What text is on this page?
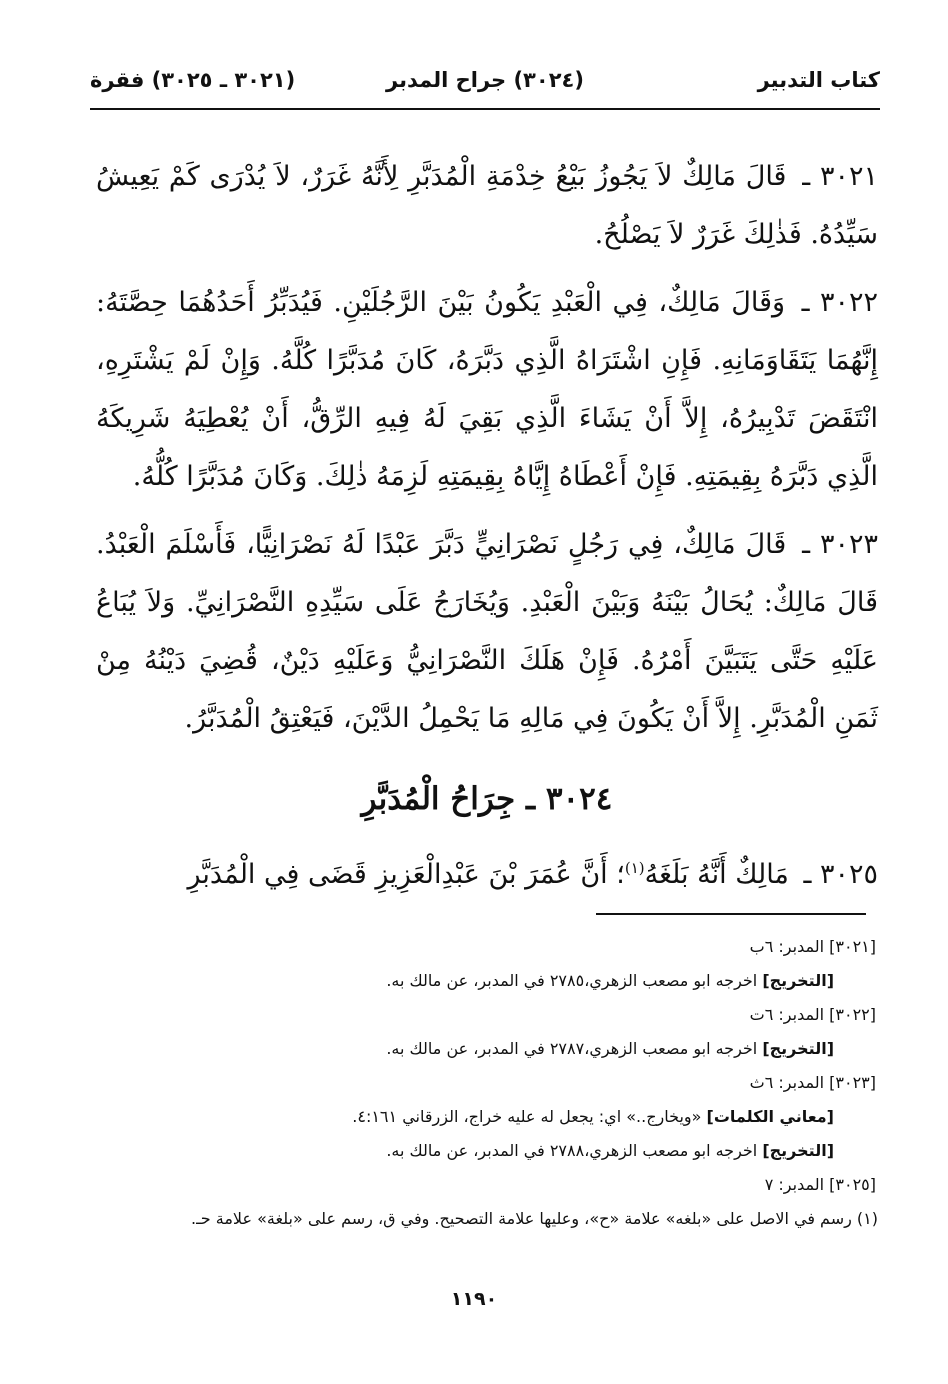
كتاب التدبير
(٣٠٢٤) جراح المدبر
(٣٠٢١ ـ ٣٠٢٥) فقرة

٣٠٢١ ـ قَالَ مَالِكٌ لاَ يَجُوزُ بَيْعُ خِدْمَةِ الْمُدَبَّرِ لِأَنَّهُ غَرَرٌ، لاَ يُدْرَى كَمْ يَعِيشُ سَيِّدُهُ. فَذٰلِكَ غَرَرٌ لاَ يَصْلُحُ.

٣٠٢٢ ـ وَقَالَ مَالِكٌ، فِي الْعَبْدِ يَكُونُ بَيْنَ الرَّجُلَيْنِ. فَيُدَبِّرُ أَحَدُهُمَا حِصَّتَهُ: إِنَّهُمَا يَتَقَاوَمَانِهِ. فَإِنِ اشْتَرَاهُ الَّذِي دَبَّرَهُ، كَانَ مُدَبَّرًا كُلَّهُ. وَإِنْ لَمْ يَشْتَرِهِ، انْتَقَضَ تَدْبِيرُهُ، إِلاَّ أَنْ يَشَاءَ الَّذِي بَقِيَ لَهُ فِيهِ الرِّقُّ، أَنْ يُعْطِيَهُ شَرِيكَهُ الَّذِي دَبَّرَهُ بِقِيمَتِهِ. فَإِنْ أَعْطَاهُ إِيَّاهُ بِقِيمَتِهِ لَزِمَهُ ذٰلِكَ. وَكَانَ مُدَبَّرًا كُلُّهُ.

٣٠٢٣ ـ قَالَ مَالِكٌ، فِي رَجُلٍ نَصْرَانِيٍّ دَبَّرَ عَبْدًا لَهُ نَصْرَانِيًّا، فَأَسْلَمَ الْعَبْدُ. قَالَ مَالِكٌ: يُحَالُ بَيْنَهُ وَبَيْنَ الْعَبْدِ. وَيُخَارَجُ عَلَى سَيِّدِهِ النَّصْرَانِيِّ. وَلاَ يُبَاعُ عَلَيْهِ حَتَّى يَتَبَيَّنَ أَمْرُهُ. فَإِنْ هَلَكَ النَّصْرَانِيُّ وَعَلَيْهِ دَيْنٌ، قُضِيَ دَيْنُهُ مِنْ ثَمَنِ الْمُدَبَّرِ. إِلاَّ أَنْ يَكُونَ فِي مَالِهِ مَا يَحْمِلُ الدَّيْنَ، فَيَعْتِقُ الْمُدَبَّرُ.

٣٠٢٤ ـ جِرَاحُ الْمُدَبَّرِ

٣٠٢٥ ـ مَالِكٌ أَنَّهُ بَلَغَهُ$^{(١)}$؛ أَنَّ عُمَرَ بْنَ عَبْدِالْعَزِيزِ قَضَى فِي الْمُدَبَّرِ

[٣٠٢١] المدبر: ٦ب
[التخريج] اخرجه ابو مصعب الزهري،٢٧٨٥ في المدبر، عن مالك به.
[٣٠٢٢] المدبر: ٦ت
[التخريج] اخرجه ابو مصعب الزهري،٢٧٨٧ في المدبر، عن مالك به.
[٣٠٢٣] المدبر: ٦ث
[معاني الكلمات] «ويخارج..» اي: يجعل له عليه خراج، الزرقاني ٤:١٦١.
[التخريج] اخرجه ابو مصعب الزهري،٢٧٨٨ في المدبر، عن مالك به.
[٣٠٢٥] المدبر: ٧
(١) رسم في الاصل على «بلغه» علامة «ح»، وعليها علامة التصحيح. وفي ق، رسم على «بلغة» علامة حـ.
١١٩٠
